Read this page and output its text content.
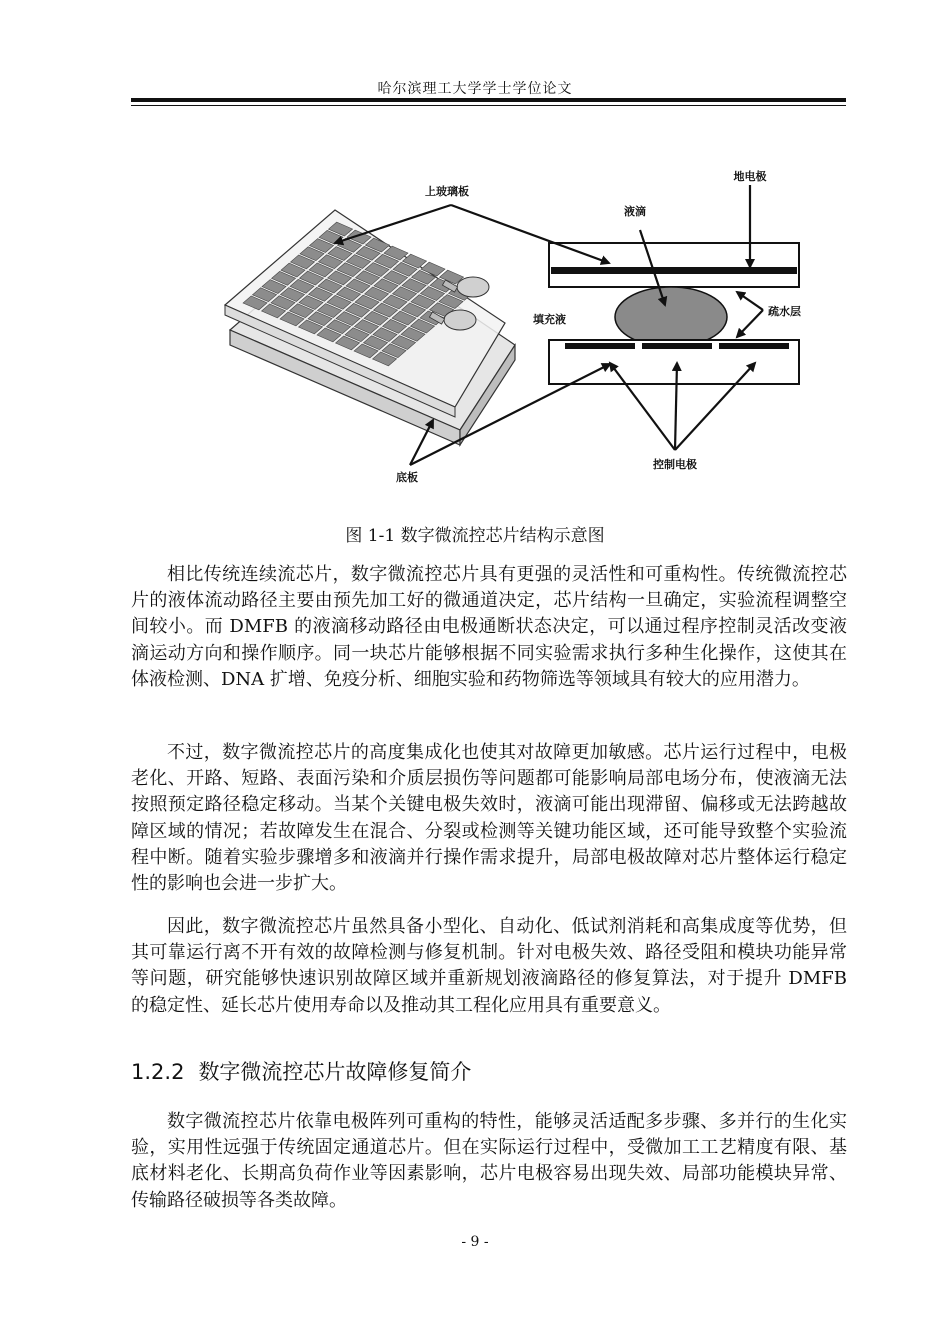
哈尔滨理工大学学士学位论文
上玻璃板
地电极
液滴
填充液
疏水层
底板
控制电极
图 1-1 数字微流控芯片结构示意图

相比传统连续流芯片，数字微流控芯片具有更强的灵活性和可重构性。传统微流控芯片的液体流动路径主要由预先加工好的微通道决定，芯片结构一旦确定，实验流程调整空间较小。而 DMFB 的液滴移动路径由电极通断状态决定，可以通过程序控制灵活改变液滴运动方向和操作顺序。同一块芯片能够根据不同实验需求执行多种生化操作，这使其在体液检测、DNA 扩增、免疫分析、细胞实验和药物筛选等领域具有较大的应用潜力。

不过，数字微流控芯片的高度集成化也使其对故障更加敏感。芯片运行过程中，电极老化、开路、短路、表面污染和介质层损伤等问题都可能影响局部电场分布，使液滴无法按照预定路径稳定移动。当某个关键电极失效时，液滴可能出现滞留、偏移或无法跨越故障区域的情况；若故障发生在混合、分裂或检测等关键功能区域，还可能导致整个实验流程中断。随着实验步骤增多和液滴并行操作需求提升，局部电极故障对芯片整体运行稳定性的影响也会进一步扩大。

因此，数字微流控芯片虽然具备小型化、自动化、低试剂消耗和高集成度等优势，但其可靠运行离不开有效的故障检测与修复机制。针对电极失效、路径受阻和模块功能异常等问题，研究能够快速识别故障区域并重新规划液滴路径的修复算法，对于提升 DMFB 的稳定性、延长芯片使用寿命以及推动其工程化应用具有重要意义。

1.2.2 数字微流控芯片故障修复简介

数字微流控芯片依靠电极阵列可重构的特性，能够灵活适配多步骤、多并行的生化实验，实用性远强于传统固定通道芯片。但在实际运行过程中，受微加工工艺精度有限、基底材料老化、长期高负荷作业等因素影响，芯片电极容易出现失效、局部功能模块异常、传输路径破损等各类故障。

- 9 -
